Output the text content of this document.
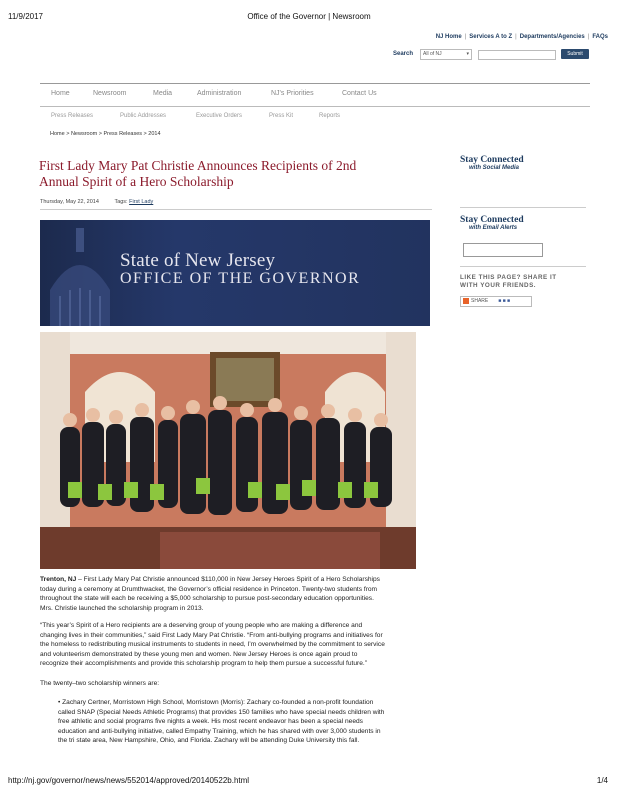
11/9/2017	Office of the Governor | Newsroom
NJ Home | Services A to Z | Departments/Agencies | FAQs
Search	All of NJ	▾	Submit
Home	Newsroom	Media	Administration	NJ's Priorities	Contact Us
Press Releases	Public Addresses	Executive Orders	Press Kit	Reports
Home > Newsroom > Press Releases > 2014
First Lady Mary Pat Christie Announces Recipients of 2nd
Annual Spirit of a Hero Scholarship
Thursday, May 22, 2014	Tags: First Lady
State of New Jersey
OFFICE OF THE GOVERNOR

Trenton, NJ – First Lady Mary Pat Christie announced $110,000 in New Jersey Heroes Spirit of a Hero Scholarships

today during a ceremony at Drumthwacket, the Governor’s official residence in Princeton. Twenty-two students from

throughout the state will each be receiving a $5,000 scholarship to pursue post-secondary education opportunities.

Mrs. Christie launched the scholarship program in 2013.

“This year’s Spirit of a Hero recipients are a deserving group of young people who are making a difference and

changing lives in their communities,” said First Lady Mary Pat Christie. “From anti-bullying programs and initiatives for

the homeless to redistributing musical instruments to students in need, I’m overwhelmed by the commitment to service

and volunteerism demonstrated by these young men and women. New Jersey Heroes is once again proud to

recognize their accomplishments and provide this scholarship program to help them pursue a successful future.”

The twenty–two scholarship winners are:

• Zachary Certner, Morristown High School, Morristown (Morris): Zachary co-founded a non-profit foundation

called SNAP (Special Needs Athletic Programs) that provides 150 families who have special needs children with

free athletic and social programs five nights a week. His most recent endeavor has been a special needs

education and anti-bullying initiative, called Empathy Training, which he has shared with over 3,000 students in

the tri state area, New Hampshire, Ohio, and Florida. Zachary will be attending Duke University this fall.

Stay Connected
with Social Media
Stay Connected
with Email Alerts
LIKE THIS PAGE? SHARE IT
WITH YOUR FRIENDS.
SHARE ■ ■ ■
http://nj.gov/governor/news/news/552014/approved/20140522b.html	1/4
